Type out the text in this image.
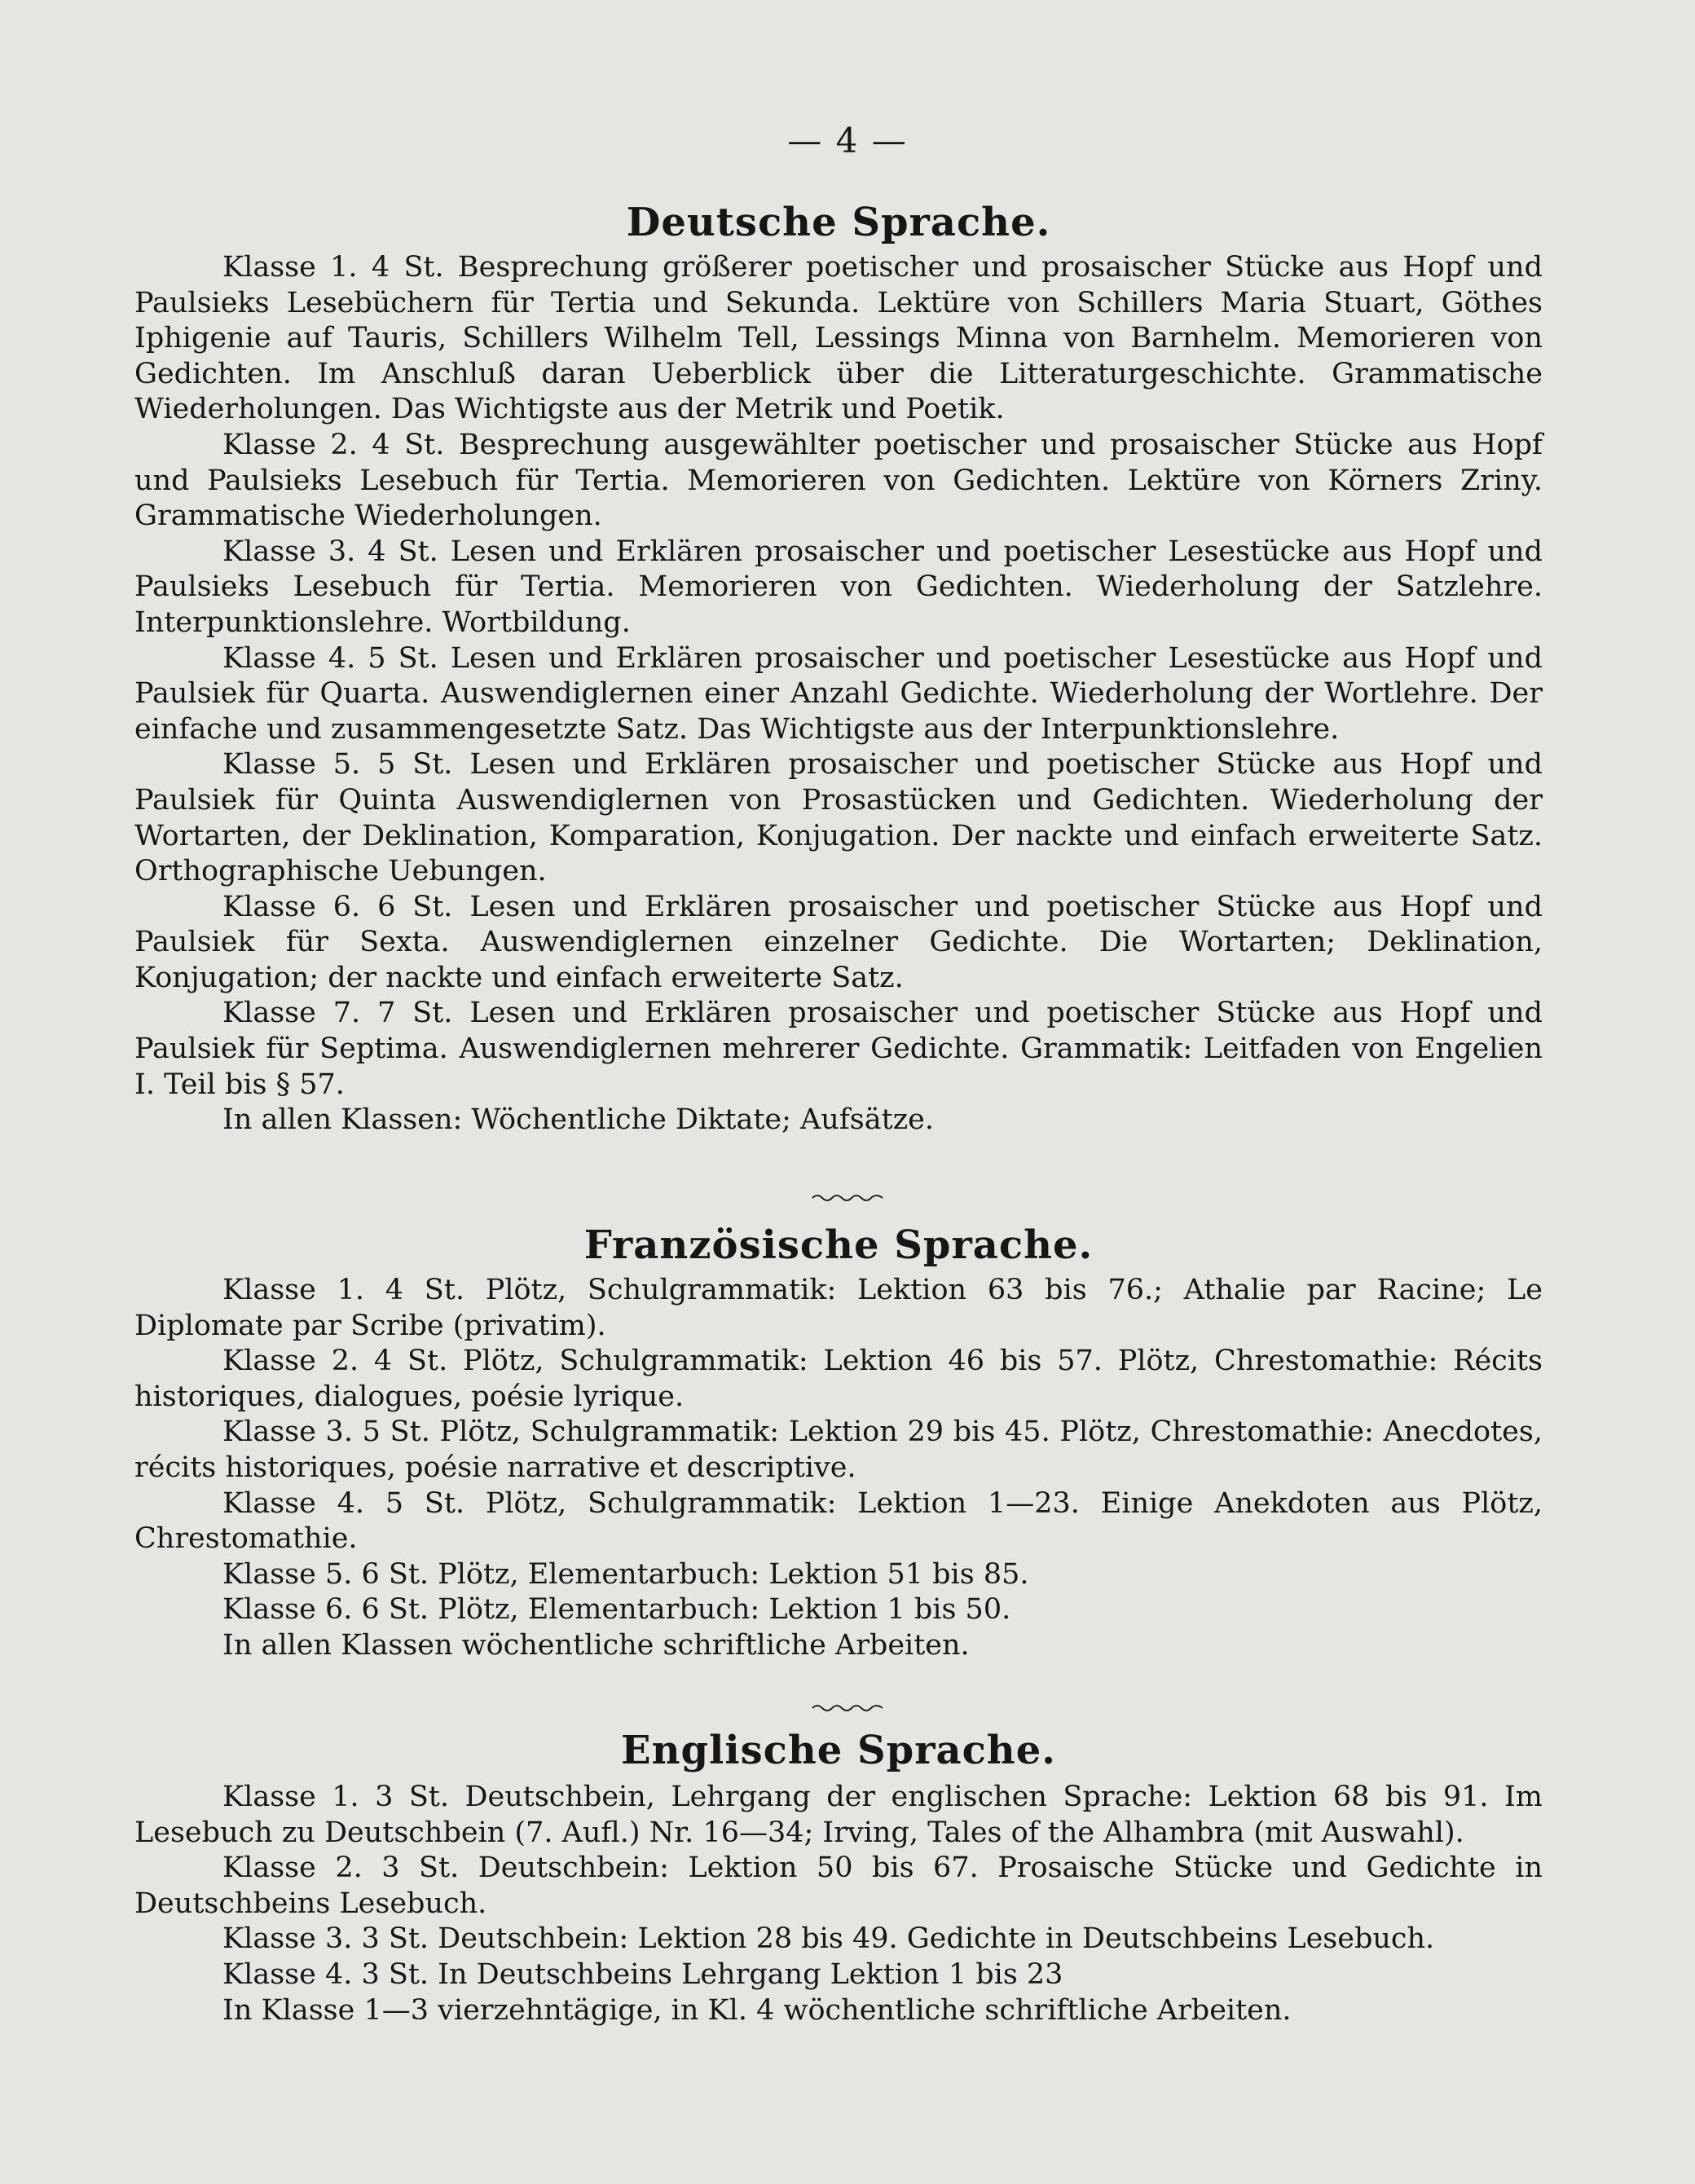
— 4 —
Deutsche Sprache.

Klasse 1. 4 St. Besprechung größerer poetischer und prosaischer Stücke aus Hopf und Paulsieks Lesebüchern für Tertia und Sekunda. Lektüre von Schillers Maria Stuart, Göthes Iphigenie auf Tauris, Schillers Wilhelm Tell, Lessings Minna von Barnhelm. Memorieren von Gedichten. Im Anschluß daran Ueberblick über die Litteraturgeschichte. Grammatische Wiederholungen. Das Wichtigste aus der Metrik und Poetik.

Klasse 2. 4 St. Besprechung ausgewählter poetischer und prosaischer Stücke aus Hopf und Paulsieks Lesebuch für Tertia. Memorieren von Gedichten. Lektüre von Körners Zriny. Grammatische Wiederholungen.

Klasse 3. 4 St. Lesen und Erklären prosaischer und poetischer Lesestücke aus Hopf und Paulsieks Lesebuch für Tertia. Memorieren von Gedichten. Wiederholung der Satzlehre. Interpunktionslehre. Wortbildung.

Klasse 4. 5 St. Lesen und Erklären prosaischer und poetischer Lesestücke aus Hopf und Paulsiek für Quarta. Auswendiglernen einer Anzahl Gedichte. Wiederholung der Wortlehre. Der einfache und zusammengesetzte Satz. Das Wichtigste aus der Interpunktionslehre.

Klasse 5. 5 St. Lesen und Erklären prosaischer und poetischer Stücke aus Hopf und Paulsiek für Quinta Auswendiglernen von Prosastücken und Gedichten. Wiederholung der Wortarten, der Deklination, Komparation, Konjugation. Der nackte und einfach erweiterte Satz. Orthographische Uebungen.

Klasse 6. 6 St. Lesen und Erklären prosaischer und poetischer Stücke aus Hopf und Paulsiek für Sexta. Auswendiglernen einzelner Gedichte. Die Wortarten; Deklination, Konjugation; der nackte und einfach erweiterte Satz.

Klasse 7. 7 St. Lesen und Erklären prosaischer und poetischer Stücke aus Hopf und Paulsiek für Septima. Auswendiglernen mehrerer Gedichte. Grammatik: Leitfaden von Engelien I. Teil bis § 57.

In allen Klassen: Wöchentliche Diktate; Aufsätze.

Französische Sprache.

Klasse 1. 4 St. Plötz, Schulgrammatik: Lektion 63 bis 76.; Athalie par Racine; Le Diplomate par Scribe (privatim).

Klasse 2. 4 St. Plötz, Schulgrammatik: Lektion 46 bis 57. Plötz, Chrestomathie: Récits historiques, dialogues, poésie lyrique.

Klasse 3. 5 St. Plötz, Schulgrammatik: Lektion 29 bis 45. Plötz, Chrestomathie: Anecdotes, récits historiques, poésie narrative et descriptive.

Klasse 4. 5 St. Plötz, Schulgrammatik: Lektion 1—23. Einige Anekdoten aus Plötz, Chrestomathie.

Klasse 5. 6 St. Plötz, Elementarbuch: Lektion 51 bis 85.

Klasse 6. 6 St. Plötz, Elementarbuch: Lektion 1 bis 50.

In allen Klassen wöchentliche schriftliche Arbeiten.

Englische Sprache.

Klasse 1. 3 St. Deutschbein, Lehrgang der englischen Sprache: Lektion 68 bis 91. Im Lesebuch zu Deutschbein (7. Aufl.) Nr. 16—34; Irving, Tales of the Alhambra (mit Auswahl).

Klasse 2. 3 St. Deutschbein: Lektion 50 bis 67. Prosaische Stücke und Gedichte in Deutschbeins Lesebuch.

Klasse 3. 3 St. Deutschbein: Lektion 28 bis 49. Gedichte in Deutschbeins Lesebuch.

Klasse 4. 3 St. In Deutschbeins Lehrgang Lektion 1 bis 23

In Klasse 1—3 vierzehntägige, in Kl. 4 wöchentliche schriftliche Arbeiten.
